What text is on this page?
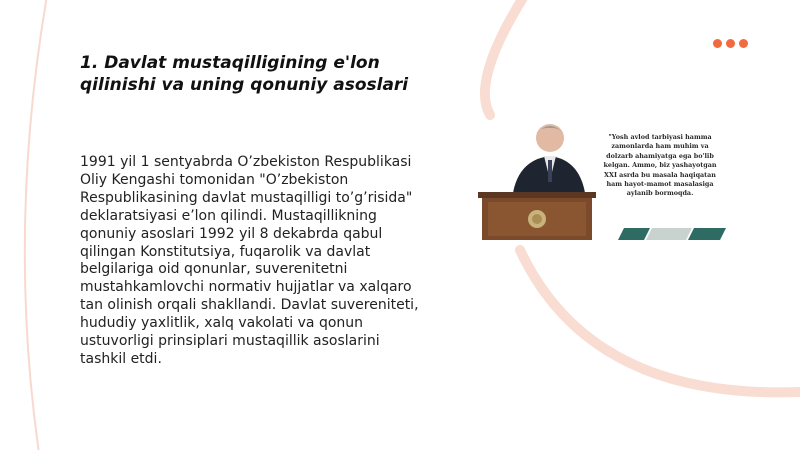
1. Davlat mustaqilligining e'lon qilinishi va uning qonuniy asoslari

1991 yil 1 sentyabrda O’zbekiston Respublikasi Oliy Kengashi tomonidan "O’zbekiston Respublikasining davlat mustaqilligi to’g’risida" deklaratsiyasi e’lon qilindi. Mustaqillikning qonuniy asoslari 1992 yil 8 dekabrda qabul qilingan Konstitutsiya, fuqarolik va davlat belgilariga oid qonunlar, suverenitetni mustahkamlovchi normativ hujjatlar va xalqaro tan olinish orqali shakllandi. Davlat suvereniteti, hududiy yaxlitlik, xalq vakolati va qonun ustuvorligi prinsiplari mustaqillik asoslarini tashkil etdi.

"Yosh avlod tarbiyasi hamma zamonlarda ham muhim va dolzarb ahamiyatga ega bo'lib kelgan. Ammo, biz yashayotgan XXI asrda bu masala haqiqatan ham hayot-mamot masalasiga aylanib bormoqda.
